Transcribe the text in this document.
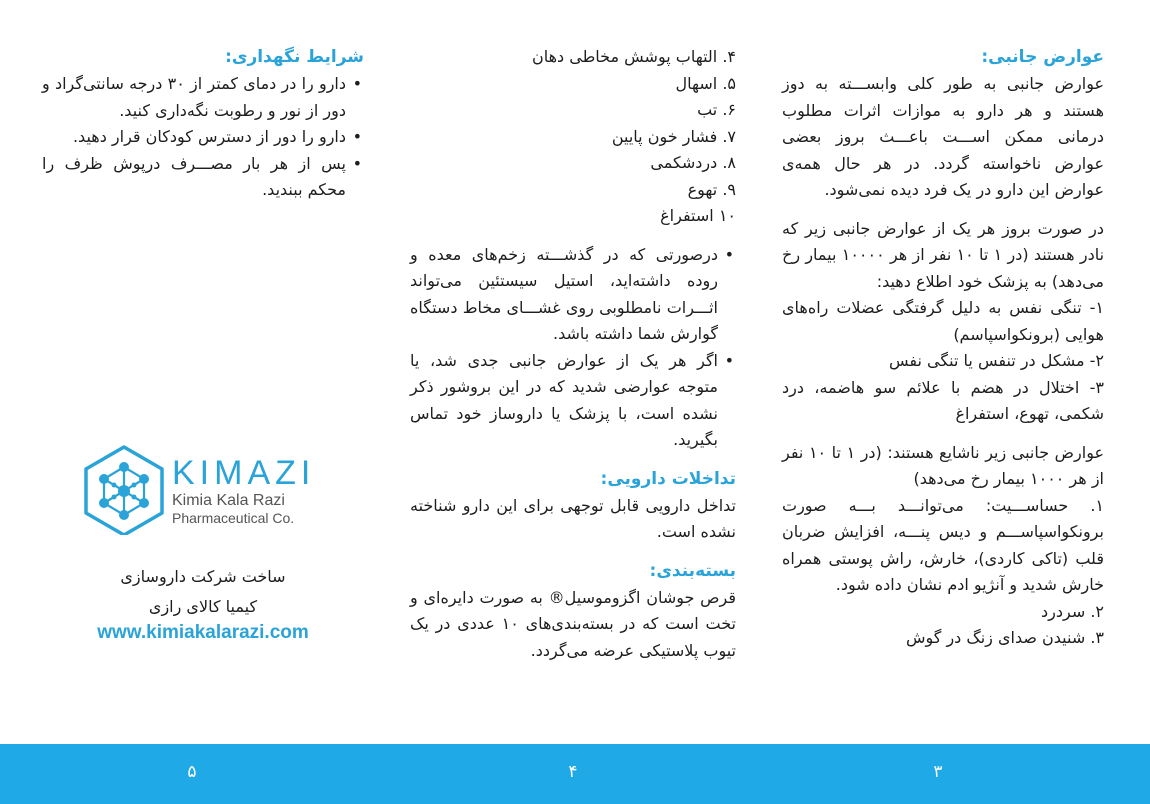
عوارض جانبی:

عوارض جانبی به طور کلی وابســـته به دوز هستند و هر دارو به موازات اثرات مطلوب درمانی ممکن اســـت باعـــث بروز بعضی عوارض ناخواسته گردد. در هر حال همه‌ی عوارض این دارو در یک فرد دیده نمی‌شود.

در صورت بروز هر یک از عوارض جانبی زیر که نادر هستند (در ۱ تا ۱۰ نفر از هر ۱۰۰۰۰ بیمار رخ می‌دهد) به پزشک خود اطلاع دهید:

۱- تنگی نفس به دلیل گرفتگی عضلات راه‌های هوایی (برونکواسپاسم)
۲- مشکل در تنفس یا تنگی نفس
۳- اختلال در هضم با علائم سو هاضمه، درد شکمی، تهوع، استفراغ

عوارض جانبی زیر ناشایع هستند: (در ۱ تا ۱۰ نفر از هر ۱۰۰۰ بیمار رخ می‌دهد)

۱. حساســـیت: می‌توانـــد بـــه صورت برونکواسپاســـم و دیس پنـــه، افزایش ضربان قلب (تاکی کاردی)، خارش، راش پوستی همراه خارش شدید و آنژیو ادم نشان داده شود.
۲. سردرد
۳. شنیدن صدای زنگ در گوش
۴. التهاب پوشش مخاطی دهان
۵. اسهال
۶. تب
۷. فشار خون پایین
۸. دردشکمی
۹. تهوع
۱۰ استفراغ
• درصورتی که در گذشـــته زخم‌های معده و روده داشته‌اید، استیل سیستئین می‌تواند اثـــرات نامطلوبی روی غشـــای مخاط دستگاه گوارش شما داشته باشد.
• اگر هر یک از عوارض جانبی جدی شد، یا متوجه عوارضی شدید که در این بروشور ذکر نشده است، با پزشک یا داروساز خود تماس بگیرید.
تداخلات دارویی:

تداخل دارویی قابل توجهی برای این دارو شناخته نشده است.

بسته‌بندی:

قرص جوشان اگزوموسیل® به صورت دایره‌ای و تخت است که در بسته‌بندی‌های ۱۰ عددی در یک تیوب پلاستیکی عرضه می‌گردد.

شرایط نگهداری:
• دارو را در دمای کمتر از ۳۰ درجه سانتی‌گراد و دور از نور و رطوبت نگه‌داری کنید.
• دارو را دور از دسترس کودکان قرار دهید.
• پس از هر بار مصـــرف درپوش ظرف را محکم ببندید.
KIMAZI
Kimia Kala Razi
Pharmaceutical Co.
ساخت شرکت داروسازی
کیمیا کالای رازی
www.kimiakalarazi.com
۵	۴	۳
